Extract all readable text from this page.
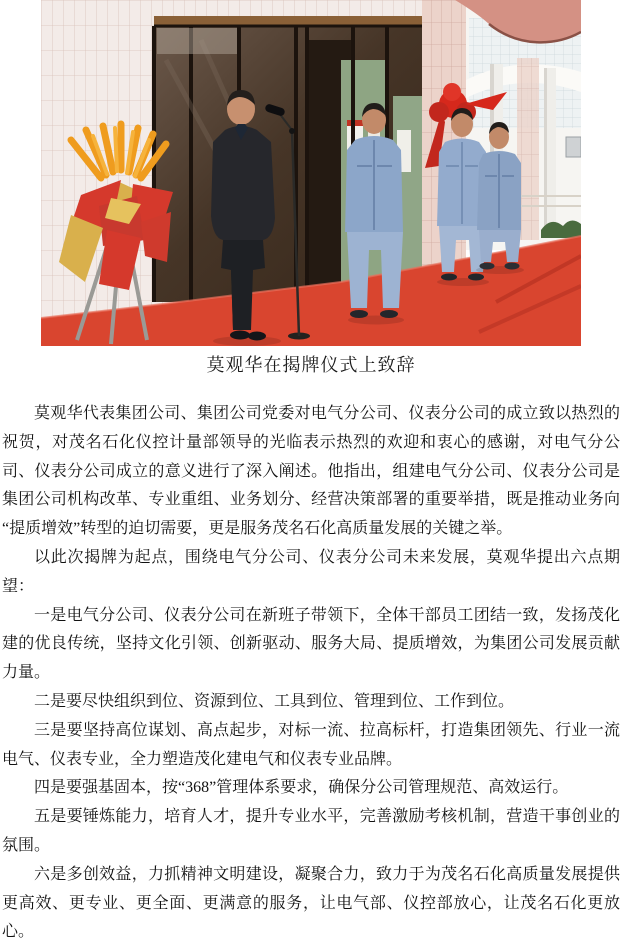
莫观华在揭牌仪式上致辞

莫观华代表集团公司、集团公司党委对电气分公司、仪表分公司的成立致以热烈的祝贺，对茂名石化仪控计量部领导的光临表示热烈的欢迎和衷心的感谢，对电气分公司、仪表分公司成立的意义进行了深入阐述。他指出，组建电气分公司、仪表分公司是集团公司机构改革、专业重组、业务划分、经营决策部署的重要举措，既是推动业务向“提质增效”转型的迫切需要，更是服务茂名石化高质量发展的关键之举。

以此次揭牌为起点，围绕电气分公司、仪表分公司未来发展，莫观华提出六点期望：

一是电气分公司、仪表分公司在新班子带领下，全体干部员工团结一致，发扬茂化建的优良传统，坚持文化引领、创新驱动、服务大局、提质增效，为集团公司发展贡献力量。

二是要尽快组织到位、资源到位、工具到位、管理到位、工作到位。

三是要坚持高位谋划、高点起步，对标一流、拉高标杆，打造集团领先、行业一流电气、仪表专业，全力塑造茂化建电气和仪表专业品牌。

四是要强基固本，按“368”管理体系要求，确保分公司管理规范、高效运行。

五是要锤炼能力，培育人才，提升专业水平，完善激励考核机制，营造干事创业的氛围。

六是多创效益，力抓精神文明建设，凝聚合力，致力于为茂名石化高质量发展提供更高效、更专业、更全面、更满意的服务，让电气部、仪控部放心，让茂名石化更放心。
